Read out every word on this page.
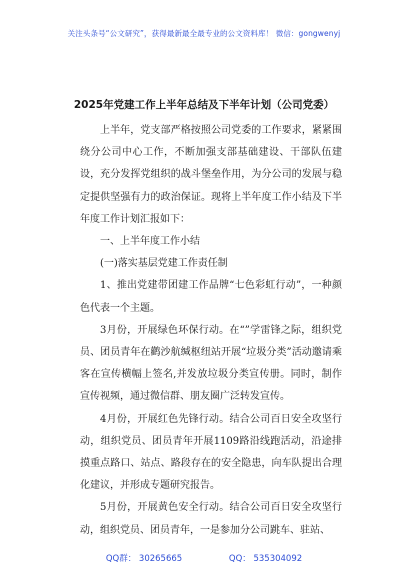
关注头条号“公文研究”，获得最新最全最专业的公文资料库！ 微信：gongwenyj
2025年党建工作上半年总结及下半年计划（公司党委）

上半年，党支部严格按照公司党委的工作要求，紧紧围绕分公司中心工作，不断加强支部基础建设、干部队伍建设，充分发挥党组织的战斗堡垒作用，为分公司的发展与稳定提供坚强有力的政治保证。现将上半年度工作小结及下半年度工作计划汇报如下：

一、上半年度工作小结

(一)落实基层党建工作责任制

1、推出党建带团建工作品牌“七色彩虹行动”，一种颜色代表一个主题。

3月份，开展绿色环保行动。在“”学雷锋之际，组织党员、团员青年在鹳沙航缄枢纽站开展“垃圾分类”活动邀请乘客在宣传横幅上签名,并发放垃圾分类宣传册。同时，制作宣传视频，通过微信群、朋友圈广泛转发宣传。

4月份，开展红色先锋行动。结合公司百日安全攻坚行动，组织党员、团员青年开展1109路沿线跑活动，沿途排摸重点路口、站点、路段存在的安全隐患，向车队提出合理化建议，并形成专题研究报告。

5月份，开展黄色安全行动。结合公司百日安全攻坚行动，组织党员、团员青年，一是参加分公司跳车、驻站、

QQ群： 30265665	QQ： 535304092
